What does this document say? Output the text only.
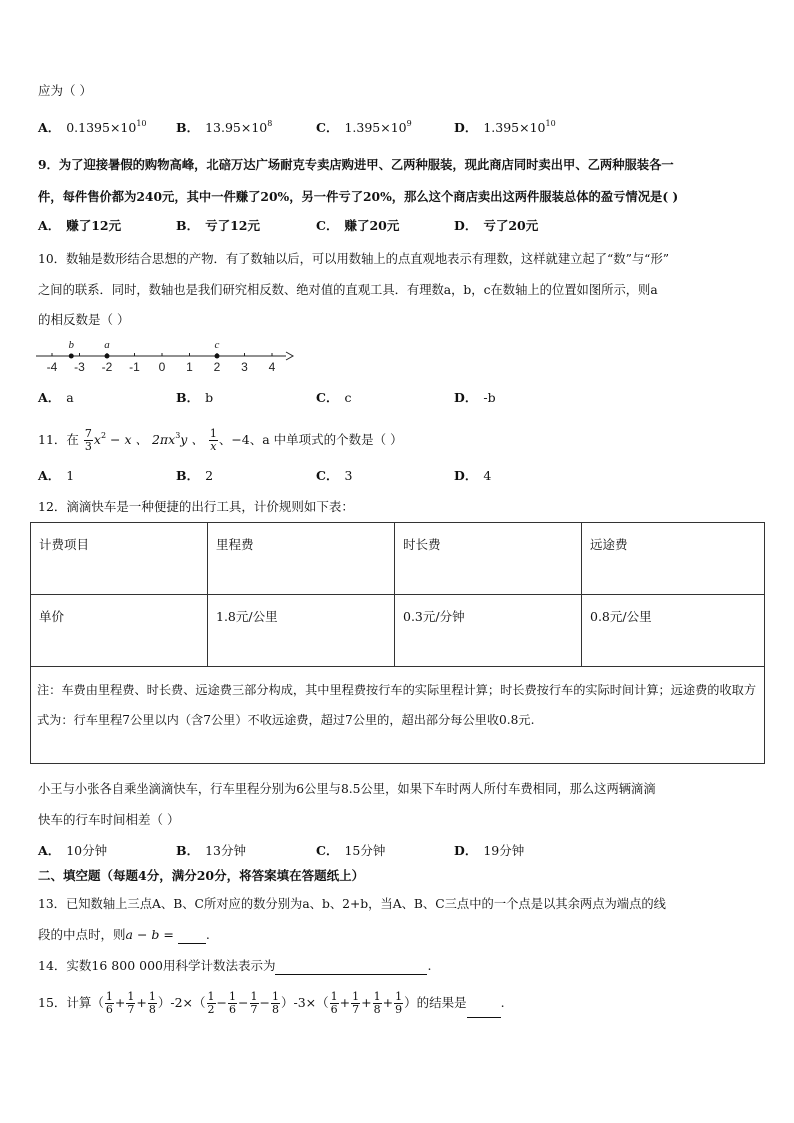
应为（ ）
A． $0.1395\times 10^{10}$ B． $13.95\times 10^8$	C． $1.395\times 10^9$	D． $1.395\times 10^{10}$
9．为了迎接暑假的购物高峰，北碚万达广场耐克专卖店购进甲、乙两种服装，现此商店同时卖出甲、乙两种服装各一
件，每件售价都为240元，其中一件赚了20%，另一件亏了20%，那么这个商店卖出这两件服装总体的盈亏情况是( )
A． 赚了12元	B． 亏了12元	C． 赚了20元	D． 亏了20元
10．数轴是数形结合思想的产物．有了数轴以后，可以用数轴上的点直观地表示有理数，这样就建立起了“数”与“形”
之间的联系．同时，数轴也是我们研究相反数、绝对值的直观工具．有理数a，b，c在数轴上的位置如图所示，则a
的相反数是（ ）
-4 -3 -2 -1 0 1 2 3 4
b	a	c
A． a	B． b	C． c	D． -b
11．在 $\frac{7}{3} x^2 - x$ 、 $2\pi x^3y$ 、 $\frac{1}{x}$ 、−4、a 中单项式的个数是（ ）
A． 1	B． 2	C． 3	D． 4
12．滴滴快车是一种便捷的出行工具，计价规则如下表：
计费项目	里程费	时长费	远途费
单价	1.8元/公里	0.3元/分钟	0.8元/公里
注：车费由里程费、时长费、远途费三部分构成，其中里程费按行车的实际里程计算；时长费按行车的实际时间计算；远途费的收取方式为：行车里程7公里以内（含7公里）不收远途费，超过7公里的，超出部分每公里收0.8元.			
小王与小张各自乘坐滴滴快车，行车里程分别为6公里与8.5公里，如果下车时两人所付车费相同，那么这两辆滴滴
快车的行车时间相差（ ）
A． 10分钟	B． 13分钟	C． 15分钟	D． 19分钟
二、填空题（每题4分，满分20分，将答案填在答题纸上）
13．已知数轴上三点A、B、C所对应的数分别为a、b、2+b，当A、B、C三点中的一个点是以其余两点为端点的线
段的中点时，则a − b =	.
14．实数16 800 000用科学计数法表示为	.
15．计算（ $\frac{1}{6} + \frac{1}{7} + \frac{1}{8} )-2\times( \frac{1}{2} - \frac{1}{6} - \frac{1}{7} - \frac{1}{8} )-3\times( \frac{1}{6} + \frac{1}{7} + \frac{1}{8} + \frac{1}{9}$ ）的结果是	.
